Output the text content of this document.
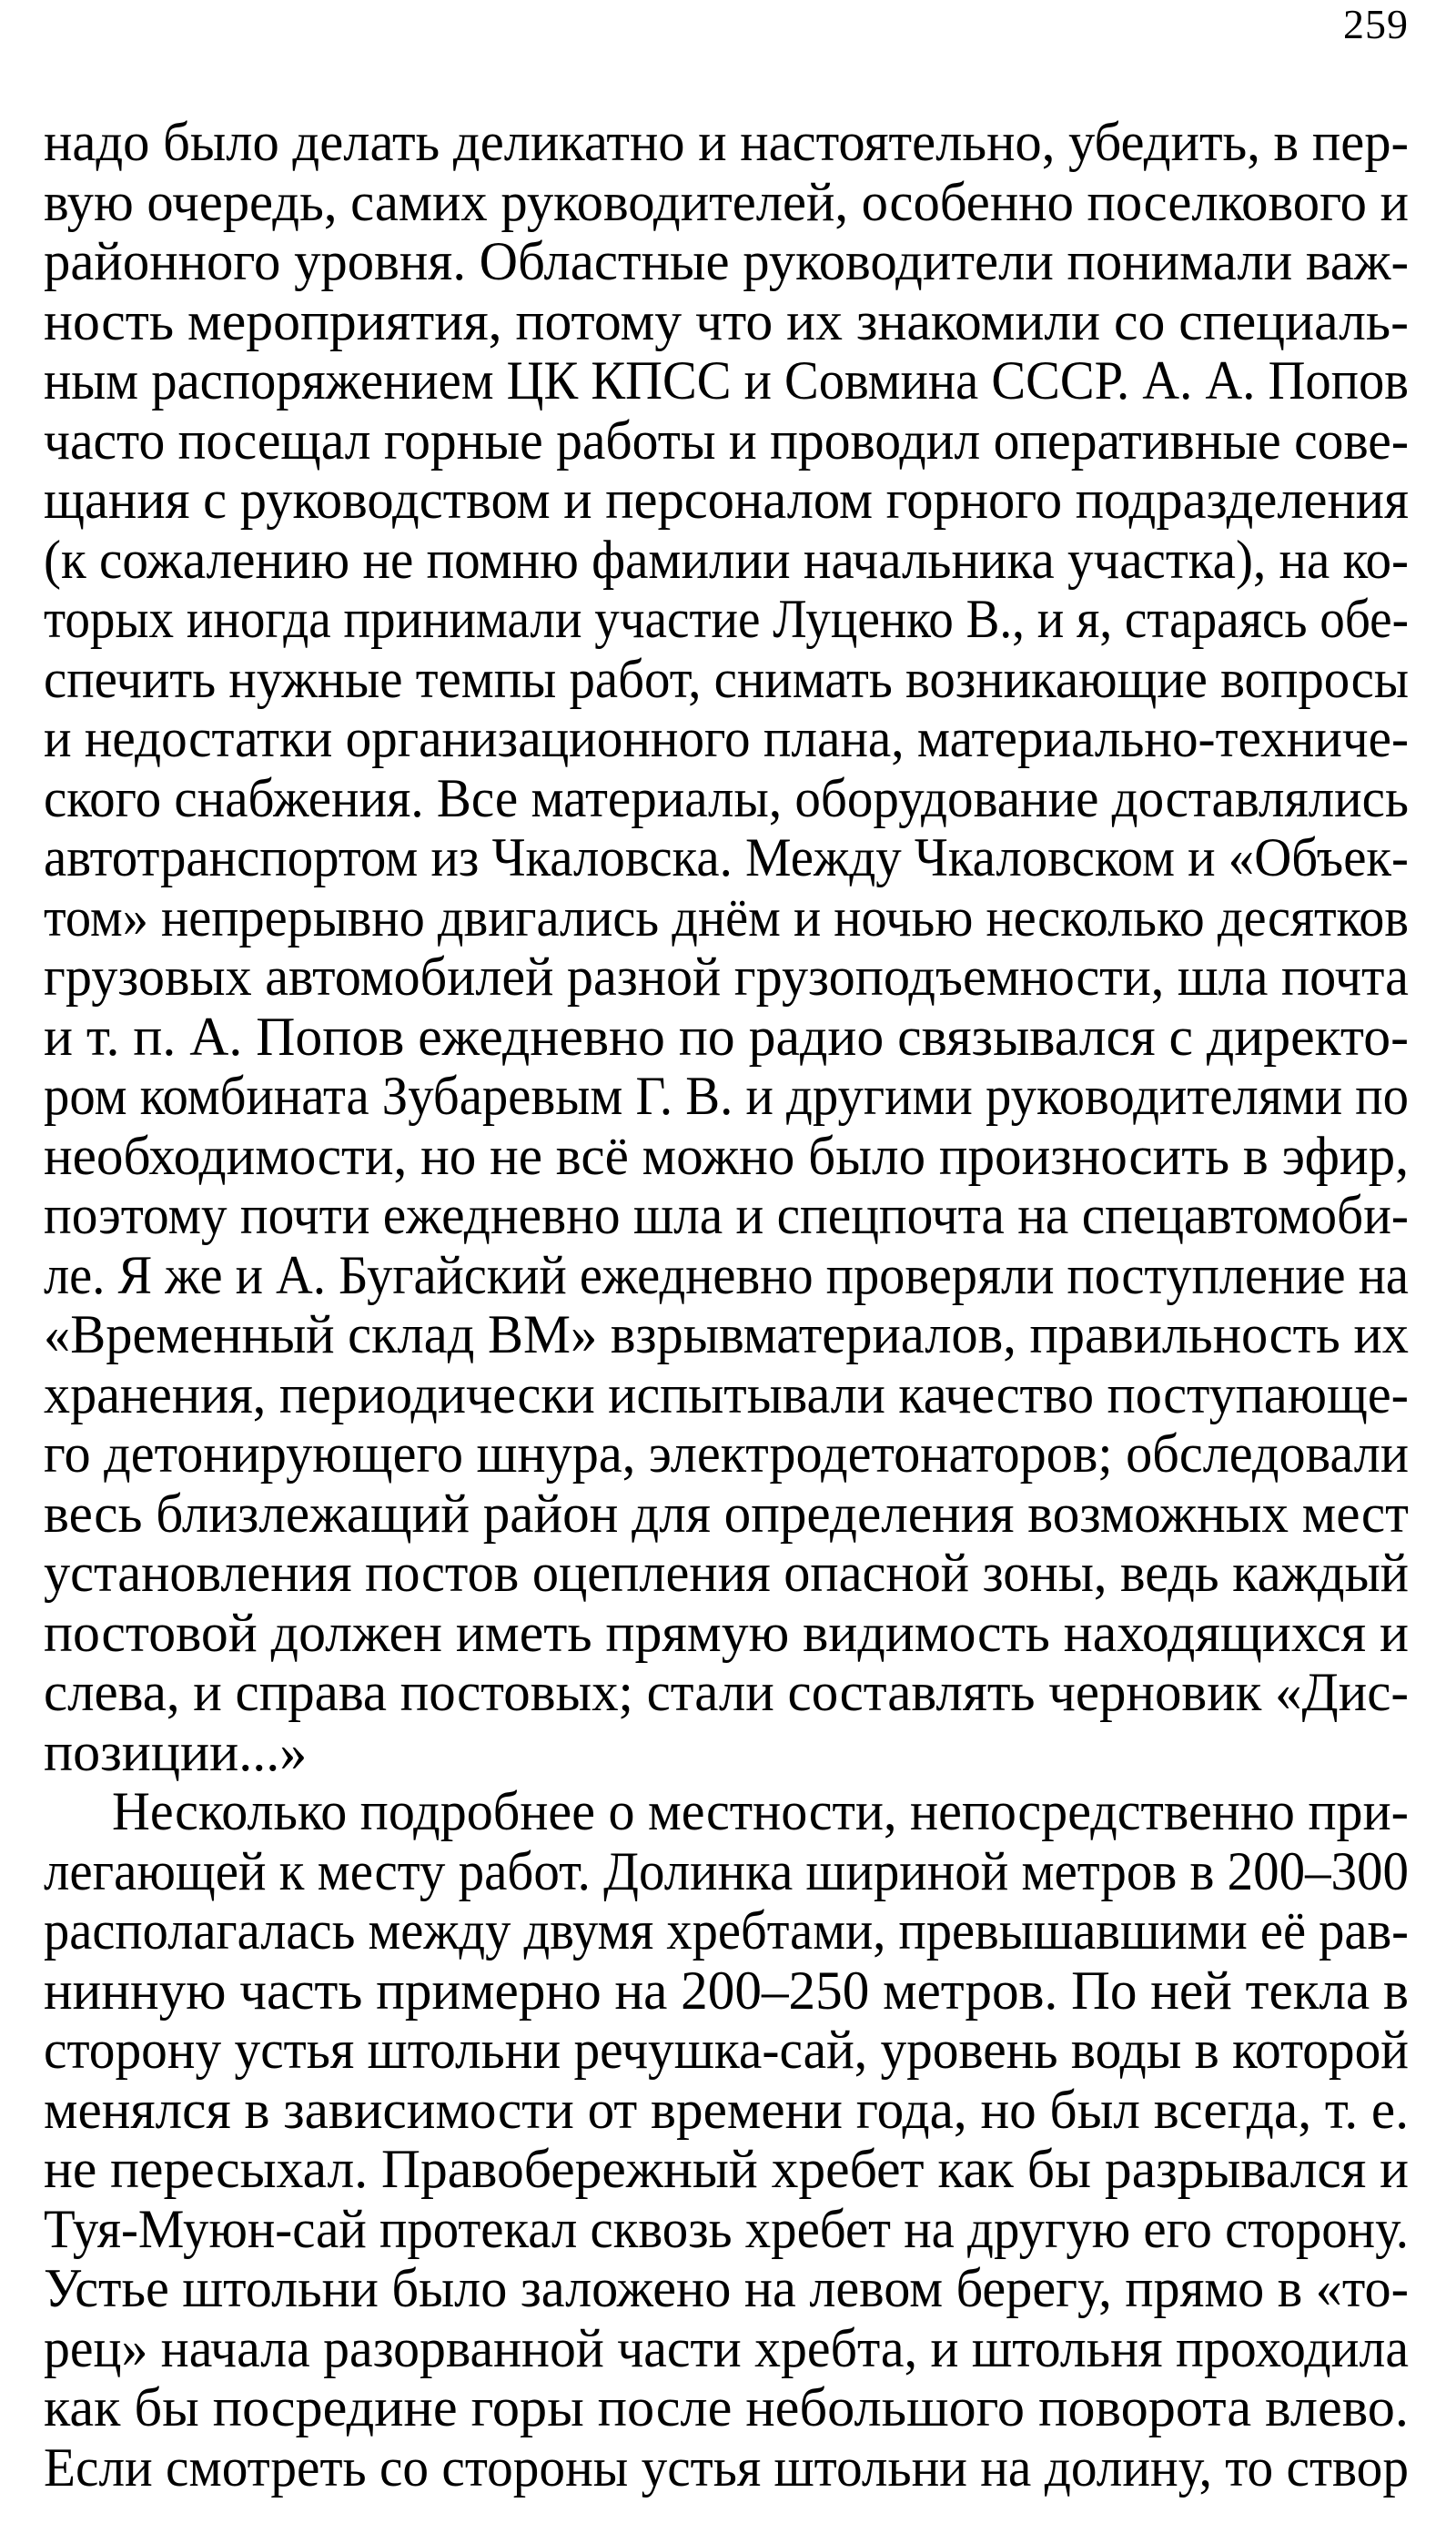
259
надо было делать деликатно и настоятельно, убедить, в пер-
вую очередь, самих руководителей, особенно поселкового и
районного уровня. Областные руководители понимали важ-
ность мероприятия, потому что их знакомили со специаль-
ным распоряжением ЦК КПСС и Совмина СССР. А. А. Попов
часто посещал горные работы и проводил оперативные сове-
щания с руководством и персоналом горного подразделения
(к сожалению не помню фамилии начальника участка), на ко-
торых иногда принимали участие Луценко В., и я, стараясь обе-
спечить нужные темпы работ, снимать возникающие вопросы
и недостатки организационного плана, материально-техниче-
ского снабжения. Все материалы, оборудование доставлялись
автотранспортом из Чкаловска. Между Чкаловском и «Объек-
том» непрерывно двигались днём и ночью несколько десятков
грузовых автомобилей разной грузоподъемности, шла почта
и т. п. А. Попов ежедневно по радио связывался с директо-
ром комбината Зубаревым Г. В. и другими руководителями по
необходимости, но не всё можно было произносить в эфир,
поэтому почти ежедневно шла и спецпочта на спецавтомоби-
ле. Я же и А. Бугайский ежедневно проверяли поступление на
«Временный склад ВМ» взрывматериалов, правильность их
хранения, периодически испытывали качество поступающе-
го детонирующего шнура, электродетонаторов; обследовали
весь близлежащий район для определения возможных мест
установления постов оцепления опасной зоны, ведь каждый
постовой должен иметь прямую видимость находящихся и
слева, и справа постовых; стали составлять черновик «Дис-
позиции...»
Несколько подробнее о местности, непосредственно при-
легающей к месту работ. Долинка шириной метров в 200–300
располагалась между двумя хребтами, превышавшими её рав-
нинную часть примерно на 200–250 метров. По ней текла в
сторону устья штольни речушка-сай, уровень воды в которой
менялся в зависимости от времени года, но был всегда, т. е.
не пересыхал. Правобережный хребет как бы разрывался и
Туя-Муюн-сай протекал сквозь хребет на другую его сторону.
Устье штольни было заложено на левом берегу, прямо в «то-
рец» начала разорванной части хребта, и штольня проходила
как бы посредине горы после небольшого поворота влево.
Если смотреть со стороны устья штольни на долину, то створ
